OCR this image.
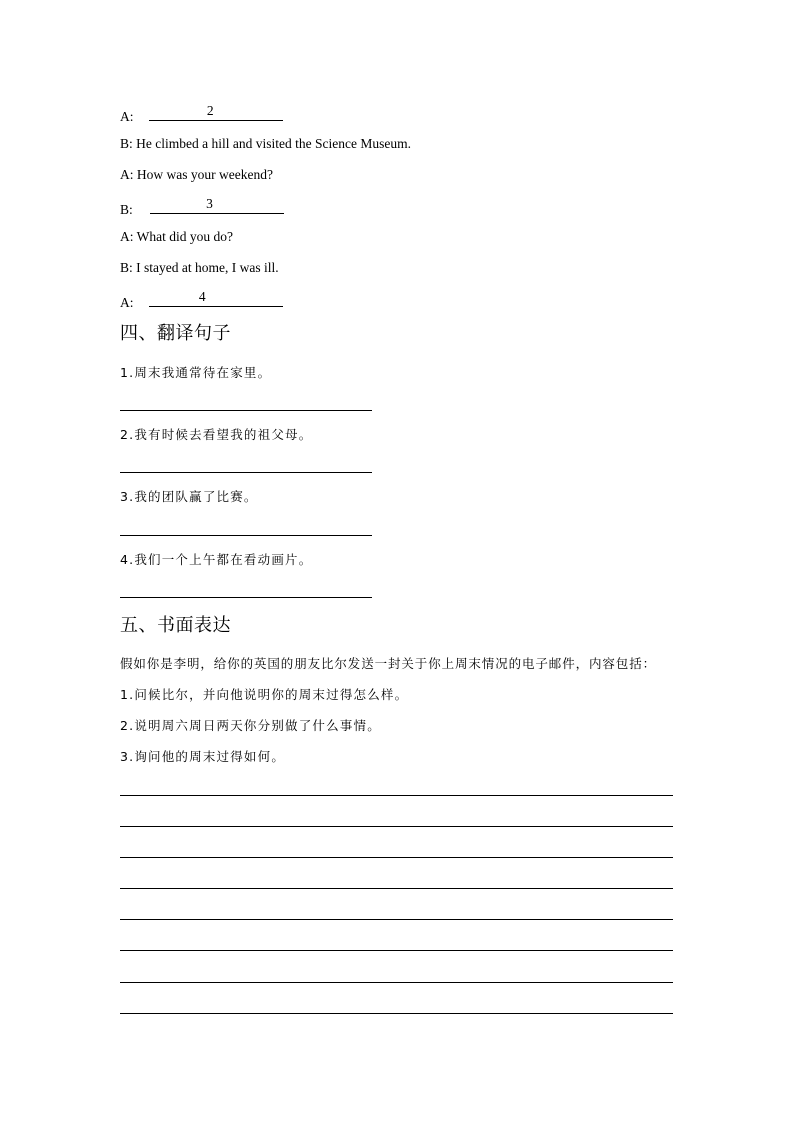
A:	2
B: He climbed a hill and visited the Science Museum.
A: How was your weekend?
B:	3
A: What did you do?
B: I stayed at home, I was ill.
A:	4
四、翻译句子
1.周末我通常待在家里。
2.我有时候去看望我的祖父母。
3.我的团队赢了比赛。
4.我们一个上午都在看动画片。
五、书面表达
假如你是李明，给你的英国的朋友比尔发送一封关于你上周末情况的电子邮件，内容包括：
1.问候比尔，并向他说明你的周末过得怎么样。
2.说明周六周日两天你分别做了什么事情。
3.询问他的周末过得如何。
